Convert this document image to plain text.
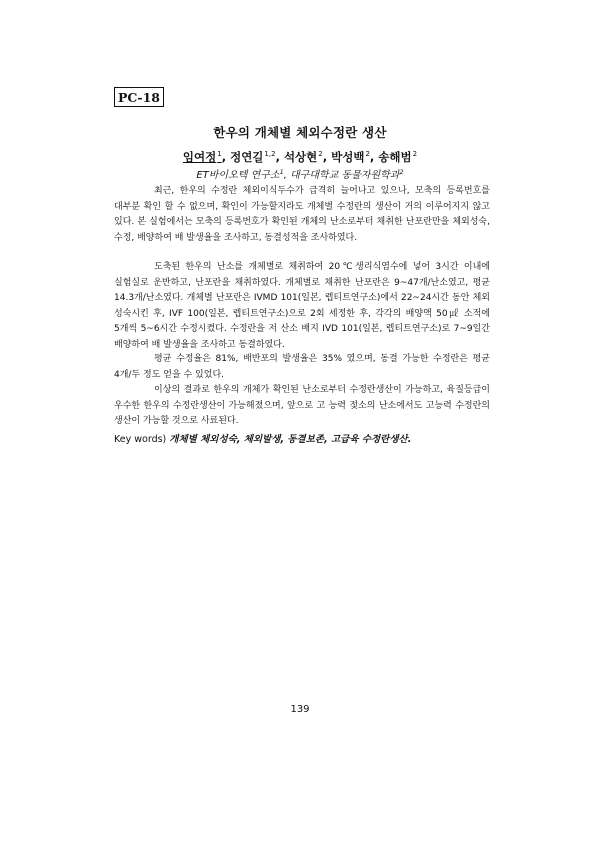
PC-18
한우의 개체별 체외수정란 생산
임여정$^1$, 정연길$^{1,2}$, 석상현$^2$, 박성백$^2$, 송해범$^2$
ET바이오텍 연구소$^1$, 대구대학교 동물자원학과$^2$

최근, 한우의 수정란 체외이식두수가 급격히 늘어나고 있으나, 모축의 등록번호를 대부분 확인 할 수 없으며, 확인이 가능할지라도 개체별 수정란의 생산이 거의 이루어지지 않고 있다. 본 실험에서는 모축의 등록번호가 확인된 개체의 난소로부터 채취한 난포란만을 체외성숙, 수정, 배양하여 배 발생율을 조사하고, 동결성적을 조사하였다.

도축된 한우의 난소를 개체별로 채취하여 20℃생리식염수에 넣어 3시간 이내에 실험실로 운반하고, 난포란을 채취하였다. 개체별로 채취한 난포란은 9~47개/난소였고, 평균 14.3개/난소였다. 개체별 난포란은 IVMD 101(일본, 렙티트연구소)에서 22~24시간 동안 체외 성숙시킨 후, IVF 100(일본, 렙티트연구소)으로 2회 세정한 후, 각각의 배양액 50㎕ 소적에 5개씩 5~6시간 수정시켰다. 수정란을 저 산소 배지 IVD 101(일본, 렙티트연구소)로 7~9일간 배양하여 배 발생율을 조사하고 동결하였다.

평균 수정율은 81%, 배반포의 발생율은 35% 였으며, 동결 가능한 수정란은 평균 4개/두 정도 얻을 수 있었다.

이상의 결과로 한우의 개체가 확인된 난소로부터 수정란생산이 가능하고, 육질등급이 우수한 한우의 수정란생산이 가능해졌으며, 앞으로 고 능력 젖소의 난소에서도 고능력 수정란의 생산이 가능할 것으로 사료된다.

Key words) 개체별 체외성숙, 체외발생, 동결보존, 고급육 수정란생산.
139
